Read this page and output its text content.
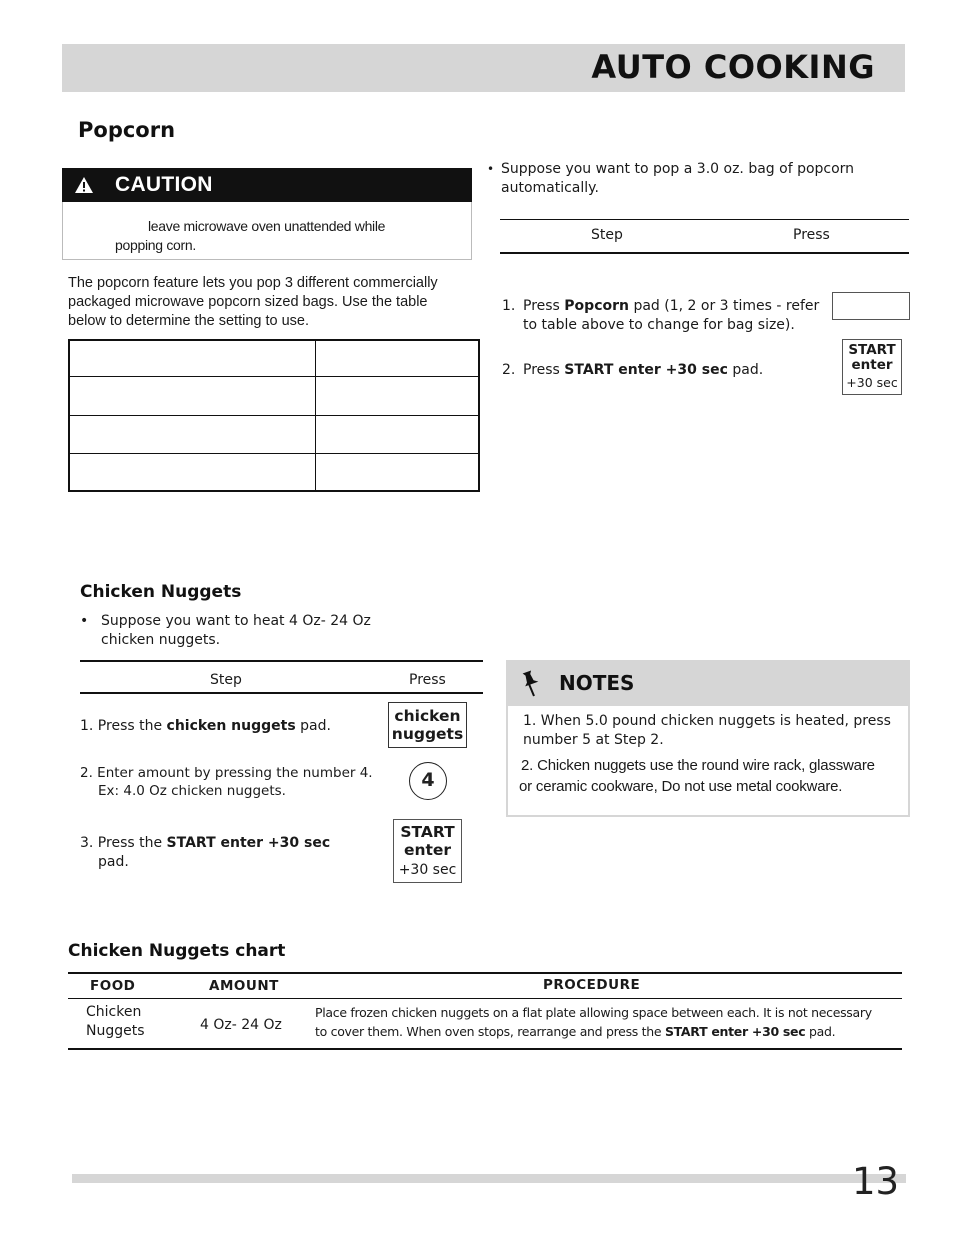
AUTO COOKING
Popcorn
CAUTION
leave microwave oven unattended while
popping corn.
The popcorn feature lets you pop 3 different commercially
packaged microwave popcorn sized bags. Use the table
below to determine the setting to use.
• Suppose you want to pop a 3.0 oz. bag of popcorn
automatically.
Step	Press
1. Press Popcorn pad (1, 2 or 3 times - refer
to table above to change for bag size).
2. Press START enter +30 sec pad.
START
enter
+30 sec
Chicken Nuggets
• Suppose you want to heat 4 Oz- 24 Oz
chicken nuggets.
Step	Press
1. Press the chicken nuggets pad.
chicken
nuggets
2. Enter amount by pressing the number 4.
Ex: 4.0 Oz chicken nuggets.	4
3. Press the START enter +30 sec
pad.
START
enter
+30 sec
NOTES
1. When 5.0 pound chicken nuggets is heated, press
number 5 at Step 2.
2. Chicken nuggets use the round wire rack, glassware
or ceramic cookware, Do not use metal cookware.
Chicken Nuggets chart
FOOD	AMOUNT	PROCEDURE
Chicken
Nuggets	4 Oz- 24 Oz
Place frozen chicken nuggets on a flat plate allowing space between each. It is not necessary
to cover them. When oven stops, rearrange and press the START enter +30 sec pad.
13
